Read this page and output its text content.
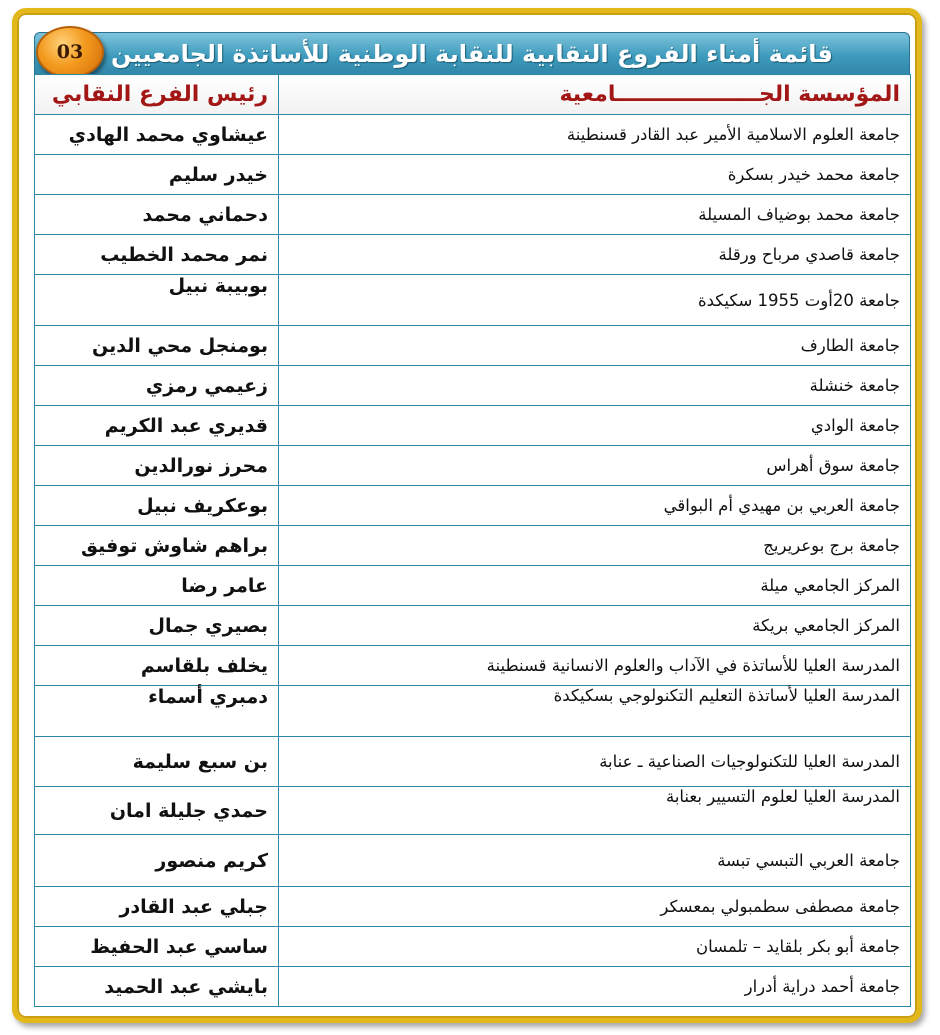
قائمة أمناء الفروع النقابية للنقابة الوطنية للأساتذة الجامعيين
03
المؤسسة الجـــــــــــــــــــامعية	رئيس الفرع النقابي
جامعة العلوم الاسلامية الأمير عبد القادر قسنطينة	عيشاوي محمد الهادي
جامعة محمد خيدر بسكرة	خيدر سليم
جامعة محمد بوضياف المسيلة	دحماني محمد
جامعة قاصدي مرباح ورقلة	نمر محمد الخطيب
جامعة 20أوت 1955 سكيكدة	بوبيبة نبيل
جامعة الطارف	بومنجل محي الدين
جامعة خنشلة	زعيمي رمزي
جامعة الوادي	قديري عبد الكريم
جامعة سوق أهراس	محرز نورالدين
جامعة العربي بن مهيدي أم البواقي	بوعكريف نبيل
جامعة برج بوعريريج	براهم شاوش توفيق
المركز الجامعي ميلة	عامر رضا
المركز الجامعي بريكة	بصيري جمال
المدرسة العليا للأساتذة في الآداب والعلوم الانسانية قسنطينة	يخلف بلقاسم
المدرسة العليا لأساتذة التعليم التكنولوجي بسكيكدة	دمبري أسماء
المدرسة العليا للتكنولوجيات الصناعية ـ عنابة	بن سبع سليمة
المدرسة العليا لعلوم التسيير بعنابة	حمدي جليلة امان
جامعة العربي التبسي تبسة	كريم منصور
جامعة مصطفى سطمبولي بمعسكر	جبلي عبد القادر
جامعة أبو بكر بلقايد – تلمسان	ساسي عبد الحفيظ
جامعة أحمد دراية أدرار	بايشي عبد الحميد
